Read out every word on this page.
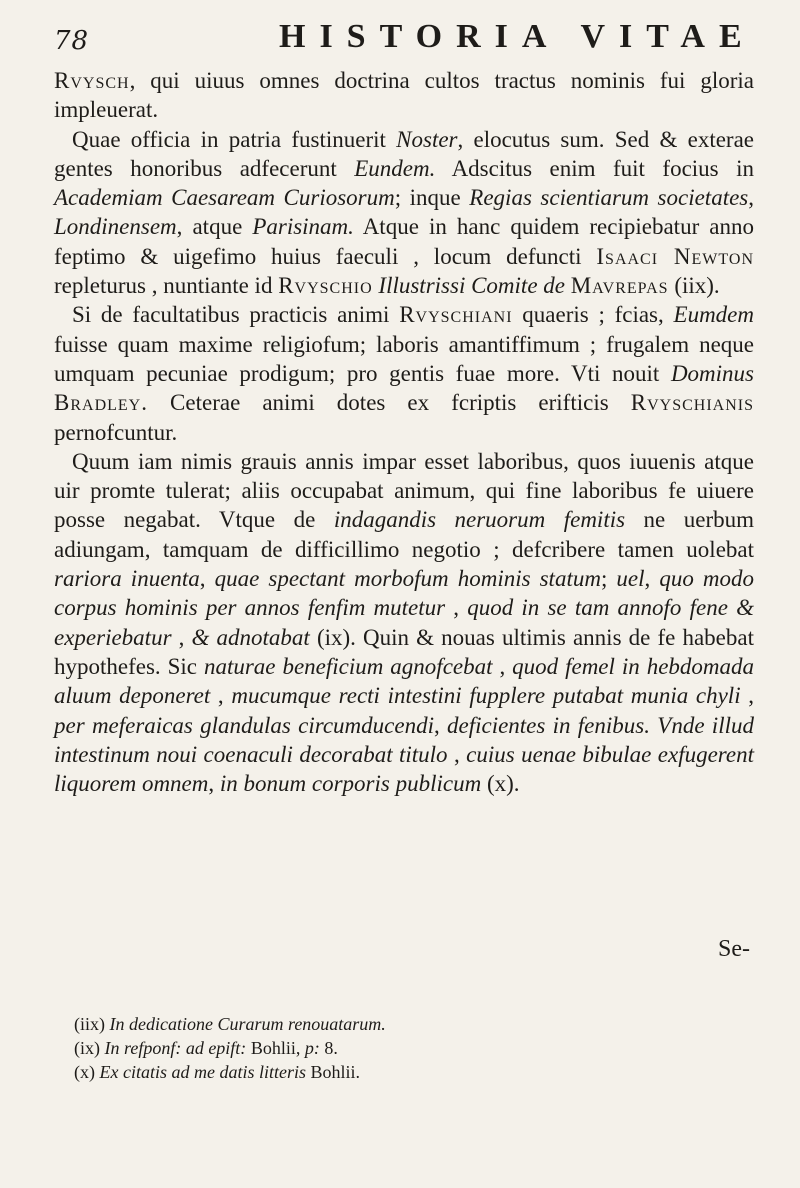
78	HISTORIA VITAE

Rvysch, qui uiuus omnes doctrina cultos tractus nominis fui gloria impleuerat.

Quae officia in patria fustinuerit Noster, elocutus sum. Sed & exterae gentes honoribus adfecerunt Eundem. Adscitus enim fuit focius in Academiam Caesaream Curiosorum; inque Regias scientiarum societates, Londinensem, atque Parisinam. Atque in hanc quidem recipiebatur anno feptimo & uigefimo huius faeculi , locum defuncti Isaaci Newton repleturus , nuntiante id Rvyschio Illustrissi Comite de Mavrepas (iix).

Si de facultatibus practicis animi Rvyschiani quaeris ; fcias, Eumdem fuisse quam maxime religiofum; laboris amantiffimum ; frugalem neque umquam pecuniae prodigum; pro gentis fuae more. Vti nouit Dominus Bradley. Ceterae animi dotes ex fcriptis erifticis Rvyschianis pernofcuntur.

Quum iam nimis grauis annis impar esset laboribus, quos iuuenis atque uir promte tulerat; aliis occupabat animum, qui fine laboribus fe uiuere posse negabat. Vtque de indagandis neruorum femitis ne uerbum adiungam, tamquam de difficillimo negotio ; defcribere tamen uolebat rariora inuenta, quae spectant morbofum hominis statum; uel, quo modo corpus hominis per annos fenfim mutetur , quod in se tam annofo fene & experiebatur , & adnotabat (ix). Quin & nouas ultimis annis de fe habebat hypothefes. Sic naturae beneficium agnofcebat , quod femel in hebdomada aluum deponeret , mucumque recti intestini fupplere putabat munia chyli , per meferaicas glandulas circumducendi, deficientes in fenibus. Vnde illud intestinum noui coenaculi decorabat titulo , cuius uenae bibulae exfugerent liquorem omnem, in bonum corporis publicum (x).

Se-

(iix) In dedicatione Curarum renouatarum.

(ix) In refponf: ad epift: Bohlii, p: 8.

(x) Ex citatis ad me datis litteris Bohlii.
